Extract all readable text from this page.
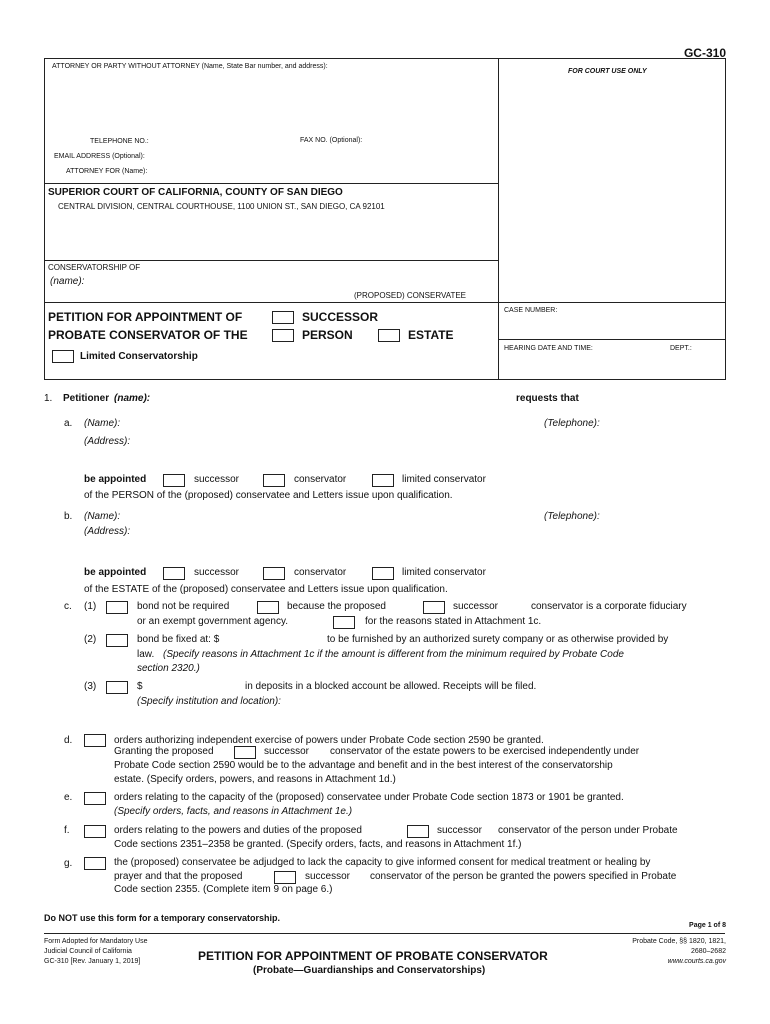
GC-310
ATTORNEY OR PARTY WITHOUT ATTORNEY (Name, State Bar number, and address):
FOR COURT USE ONLY
TELEPHONE NO.:	FAX NO. (Optional):
EMAIL ADDRESS (Optional):
ATTORNEY FOR (Name):
SUPERIOR COURT OF CALIFORNIA, COUNTY OF SAN DIEGO
CENTRAL DIVISION, CENTRAL COURTHOUSE, 1100 UNION ST., SAN DIEGO, CA 92101
CONSERVATORSHIP OF
(name):
(PROPOSED) CONSERVATEE
PETITION FOR APPOINTMENT OF
PROBATE CONSERVATOR OF THE
SUCCESSOR
PERSON	ESTATE
Limited Conservatorship
CASE NUMBER:
HEARING DATE AND TIME:	DEPT.:
1. Petitioner (name):	requests that
a. (Name):	(Telephone):
(Address):
be appointed	successor	conservator	limited conservator
of the PERSON of the (proposed) conservatee and Letters issue upon qualification.
b. (Name):	(Telephone):
(Address):
be appointed	successor	conservator	limited conservator
of the ESTATE of the (proposed) conservatee and Letters issue upon qualification.
c. (1)	bond not be required	because the proposed	successor	conservator is a corporate fiduciary
or an exempt government agency.	for the reasons stated in Attachment 1c.
(2)	bond be fixed at: $	to be furnished by an authorized surety company or as otherwise provided by
law. (Specify reasons in Attachment 1c if the amount is different from the minimum required by Probate Code
section 2320.)
(3)	$	in deposits in a blocked account be allowed. Receipts will be filed.
(Specify institution and location):
d.	orders authorizing independent exercise of powers under Probate Code section 2590 be granted.
Granting the proposed	successor conservator of the estate powers to be exercised independently under
Probate Code section 2590 would be to the advantage and benefit and in the best interest of the conservatorship
estate. (Specify orders, powers, and reasons in Attachment 1d.)
e.	orders relating to the capacity of the (proposed) conservatee under Probate Code section 1873 or 1901 be granted.
(Specify orders, facts, and reasons in Attachment 1e.)
f.	orders relating to the powers and duties of the proposed	successor conservator of the person under Probate
Code sections 2351–2358 be granted. (Specify orders, facts, and reasons in Attachment 1f.)
g.	the (proposed) conservatee be adjudged to lack the capacity to give informed consent for medical treatment or healing by
prayer and that the proposed	successor conservator of the person be granted the powers specified in Probate
Code section 2355. (Complete item 9 on page 6.)
Do NOT use this form for a temporary conservatorship.
Page 1 of 8
Form Adopted for Mandatory Use
Judicial Council of California
GC-310 [Rev. January 1, 2019]	PETITION FOR APPOINTMENT OF PROBATE CONSERVATOR
(Probate—Guardianships and Conservatorships)
Probate Code, §§ 1820, 1821,
2680–2682
www.courts.ca.gov
